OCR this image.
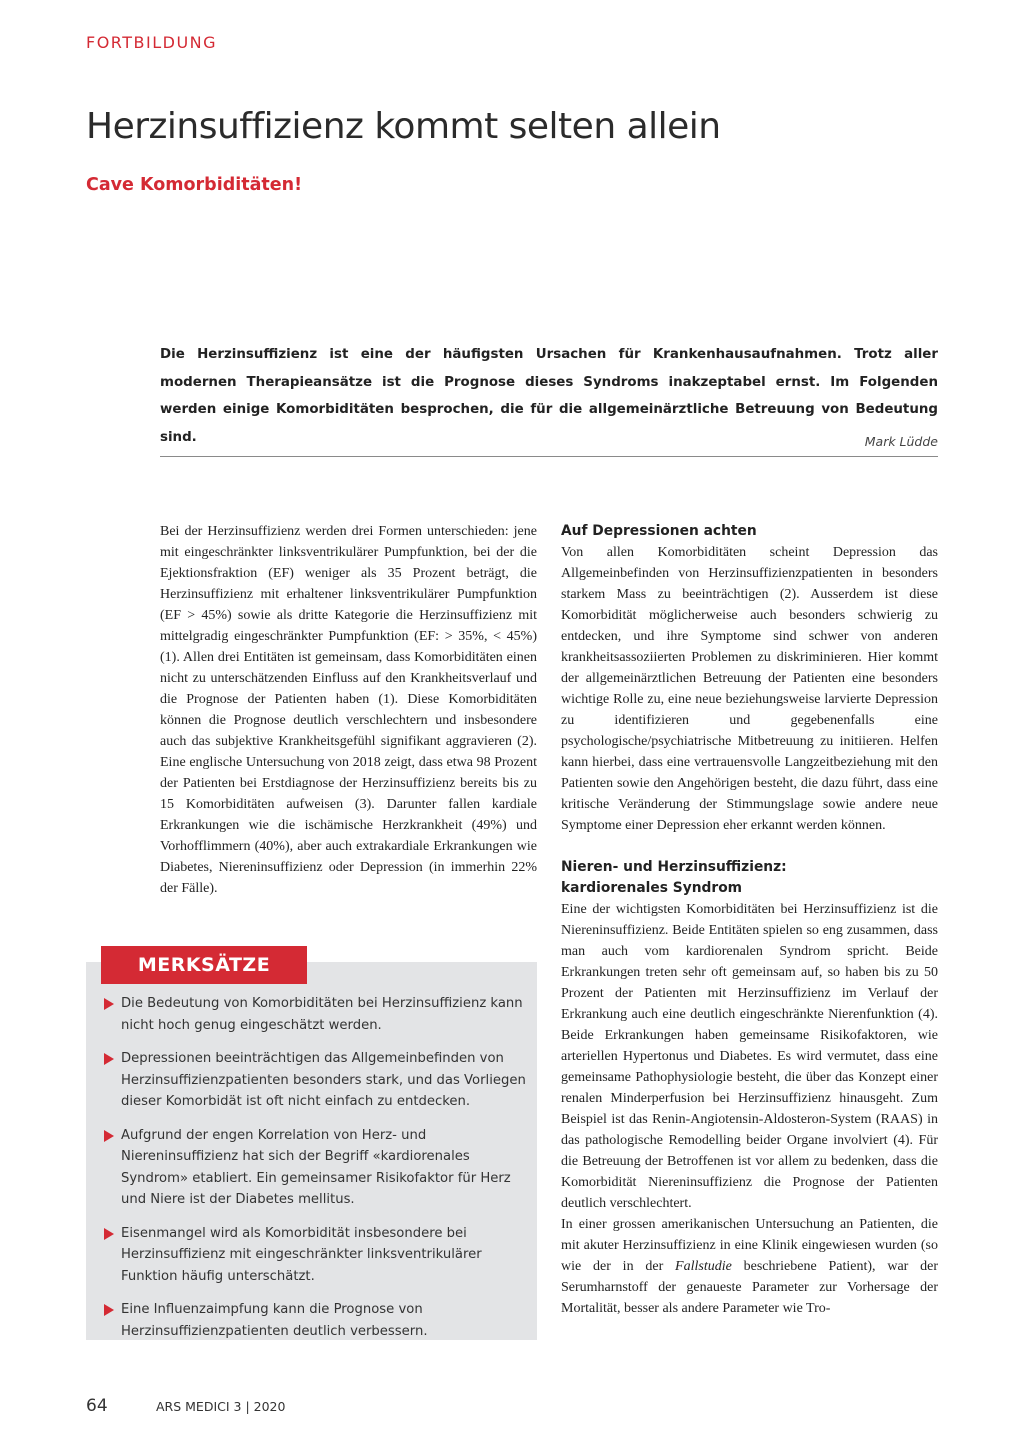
FORTBILDUNG
Herzinsuffizienz kommt selten allein
Cave Komorbiditäten!
Die Herzinsuffizienz ist eine der häufigsten Ursachen für Krankenhausaufnahmen. Trotz aller modernen Therapieansätze ist die Prognose dieses Syndroms inakzeptabel ernst. Im Folgenden werden einige Komorbiditäten besprochen, die für die allgemeinärztliche Betreuung von Bedeutung sind.	Mark Lüdde

Bei der Herzinsuffizienz werden drei Formen unterschieden: jene mit eingeschränkter linksventrikulärer Pumpfunktion, bei der die Ejektionsfraktion (EF) weniger als 35 Prozent beträgt, die Herzinsuffizienz mit erhaltener linksventrikulärer Pumpfunktion (EF > 45%) sowie als dritte Kategorie die Herzinsuffizienz mit mittelgradig eingeschränkter Pumpfunktion (EF: > 35%, < 45%) (1). Allen drei Entitäten ist gemeinsam, dass Komorbiditäten einen nicht zu unterschätzenden Einfluss auf den Krankheitsverlauf und die Prognose der Patienten haben (1). Diese Komorbiditäten können die Prognose deutlich verschlechtern und insbesondere auch das subjektive Krankheitsgefühl signifikant aggravieren (2). Eine englische Untersuchung von 2018 zeigt, dass etwa 98 Prozent der Patienten bei Erstdiagnose der Herzinsuffizienz bereits bis zu 15 Komorbiditäten aufweisen (3). Darunter fallen kardiale Erkrankungen wie die ischämische Herzkrankheit (49%) und Vorhofflimmern (40%), aber auch extrakardiale Erkrankungen wie Diabetes, Niereninsuffizienz oder Depression (in immerhin 22% der Fälle).

Die Bedeutung von Komorbiditäten bei Herzinsuffizienz kann nicht hoch genug eingeschätzt werden.
Depressionen beeinträchtigen das Allgemeinbefinden von Herzinsuffizienzpatienten besonders stark, und das Vorliegen dieser Komorbidät ist oft nicht einfach zu entdecken.
Aufgrund der engen Korrelation von Herz- und Niereninsuffizienz hat sich der Begriff «kardiorenales Syndrom» etabliert. Ein gemeinsamer Risikofaktor für Herz und Niere ist der Diabetes mellitus.
Eisenmangel wird als Komorbidität insbesondere bei Herzinsuffizienz mit eingeschränkter linksventrikulärer Funktion häufig unterschätzt.
Eine Influenzaimpfung kann die Prognose von Herzinsuffizienzpatienten deutlich verbessern.
MERKSÄTZE
Auf Depressionen achten

Von allen Komorbiditäten scheint Depression das Allgemeinbefinden von Herzinsuffizienzpatienten in besonders starkem Mass zu beeinträchtigen (2). Ausserdem ist diese Komorbidität möglicherweise auch besonders schwierig zu entdecken, und ihre Symptome sind schwer von anderen krankheitsassoziierten Problemen zu diskriminieren. Hier kommt der allgemeinärztlichen Betreuung der Patienten eine besonders wichtige Rolle zu, eine neue beziehungsweise larvierte Depression zu identifizieren und gegebenenfalls eine psychologische/psychiatrische Mitbetreuung zu initiieren. Helfen kann hierbei, dass eine vertrauensvolle Langzeitbeziehung mit den Patienten sowie den Angehörigen besteht, die dazu führt, dass eine kritische Veränderung der Stimmungslage sowie andere neue Symptome einer Depression eher erkannt werden können.

Nieren- und Herzinsuffizienz:
kardiorenales Syndrom

Eine der wichtigsten Komorbiditäten bei Herzinsuffizienz ist die Niereninsuffizienz. Beide Entitäten spielen so eng zusammen, dass man auch vom kardiorenalen Syndrom spricht. Beide Erkrankungen treten sehr oft gemeinsam auf, so haben bis zu 50 Prozent der Patienten mit Herzinsuffizienz im Verlauf der Erkrankung auch eine deutlich eingeschränkte Nierenfunktion (4). Beide Erkrankungen haben gemeinsame Risikofaktoren, wie arteriellen Hypertonus und Diabetes. Es wird vermutet, dass eine gemeinsame Pathophysiologie besteht, die über das Konzept einer renalen Minderperfusion bei Herzinsuffizienz hinausgeht. Zum Beispiel ist das Renin-Angiotensin-Aldosteron-System (RAAS) in das pathologische Remodelling beider Organe involviert (4). Für die Betreuung der Betroffenen ist vor allem zu bedenken, dass die Komorbidität Niereninsuffizienz die Prognose der Patienten deutlich verschlechtert.

In einer grossen amerikanischen Untersuchung an Patienten, die mit akuter Herzinsuffizienz in eine Klinik eingewiesen wurden (so wie der in der Fallstudie beschriebene Patient), war der Serumharnstoff der genaueste Parameter zur Vorhersage der Mortalität, besser als andere Parameter wie Tro-

64	ARS MEDICI 3 | 2020
